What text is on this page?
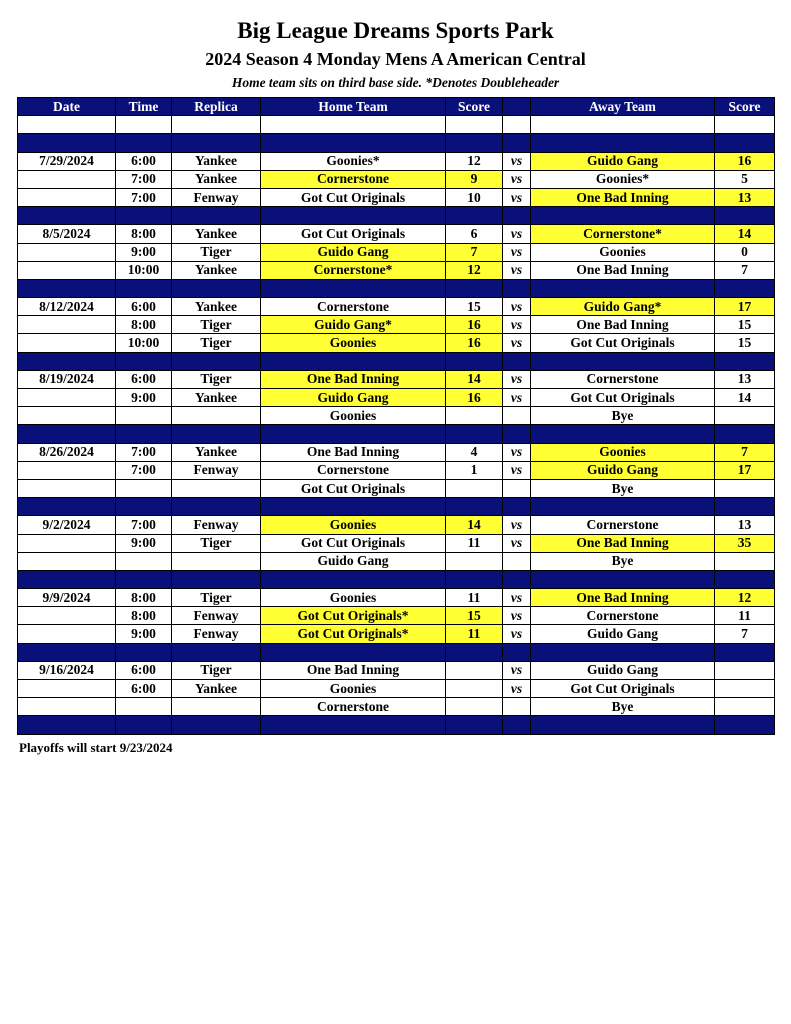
Big League Dreams Sports Park
2024 Season 4 Monday Mens A American Central
Home team sits on third base side. *Denotes Doubleheader
Date	Time	Replica	Home Team	Score		Away Team	Score

7/29/2024	6:00	Yankee	Goonies*	12	vs	Guido Gang	16
	7:00	Yankee	Cornerstone	9	vs	Goonies*	5
	7:00	Fenway	Got Cut Originals	10	vs	One Bad Inning	13

8/5/2024	8:00	Yankee	Got Cut Originals	6	vs	Cornerstone*	14
	9:00	Tiger	Guido Gang	7	vs	Goonies	0
	10:00	Yankee	Cornerstone*	12	vs	One Bad Inning	7

8/12/2024	6:00	Yankee	Cornerstone	15	vs	Guido Gang*	17
	8:00	Tiger	Guido Gang*	16	vs	One Bad Inning	15
	10:00	Tiger	Goonies	16	vs	Got Cut Originals	15

8/19/2024	6:00	Tiger	One Bad Inning	14	vs	Cornerstone	13
	9:00	Yankee	Guido Gang	16	vs	Got Cut Originals	14
			Goonies			Bye	

8/26/2024	7:00	Yankee	One Bad Inning	4	vs	Goonies	7
	7:00	Fenway	Cornerstone	1	vs	Guido Gang	17
			Got Cut Originals			Bye	

9/2/2024	7:00	Fenway	Goonies	14	vs	Cornerstone	13
	9:00	Tiger	Got Cut Originals	11	vs	One Bad Inning	35
			Guido Gang			Bye	

9/9/2024	8:00	Tiger	Goonies	11	vs	One Bad Inning	12
	8:00	Fenway	Got Cut Originals*	15	vs	Cornerstone	11
	9:00	Fenway	Got Cut Originals*	11	vs	Guido Gang	7

9/16/2024	6:00	Tiger	One Bad Inning		vs	Guido Gang	
	6:00	Yankee	Goonies		vs	Got Cut Originals	
			Cornerstone			Bye	

Playoffs will start 9/23/2024
